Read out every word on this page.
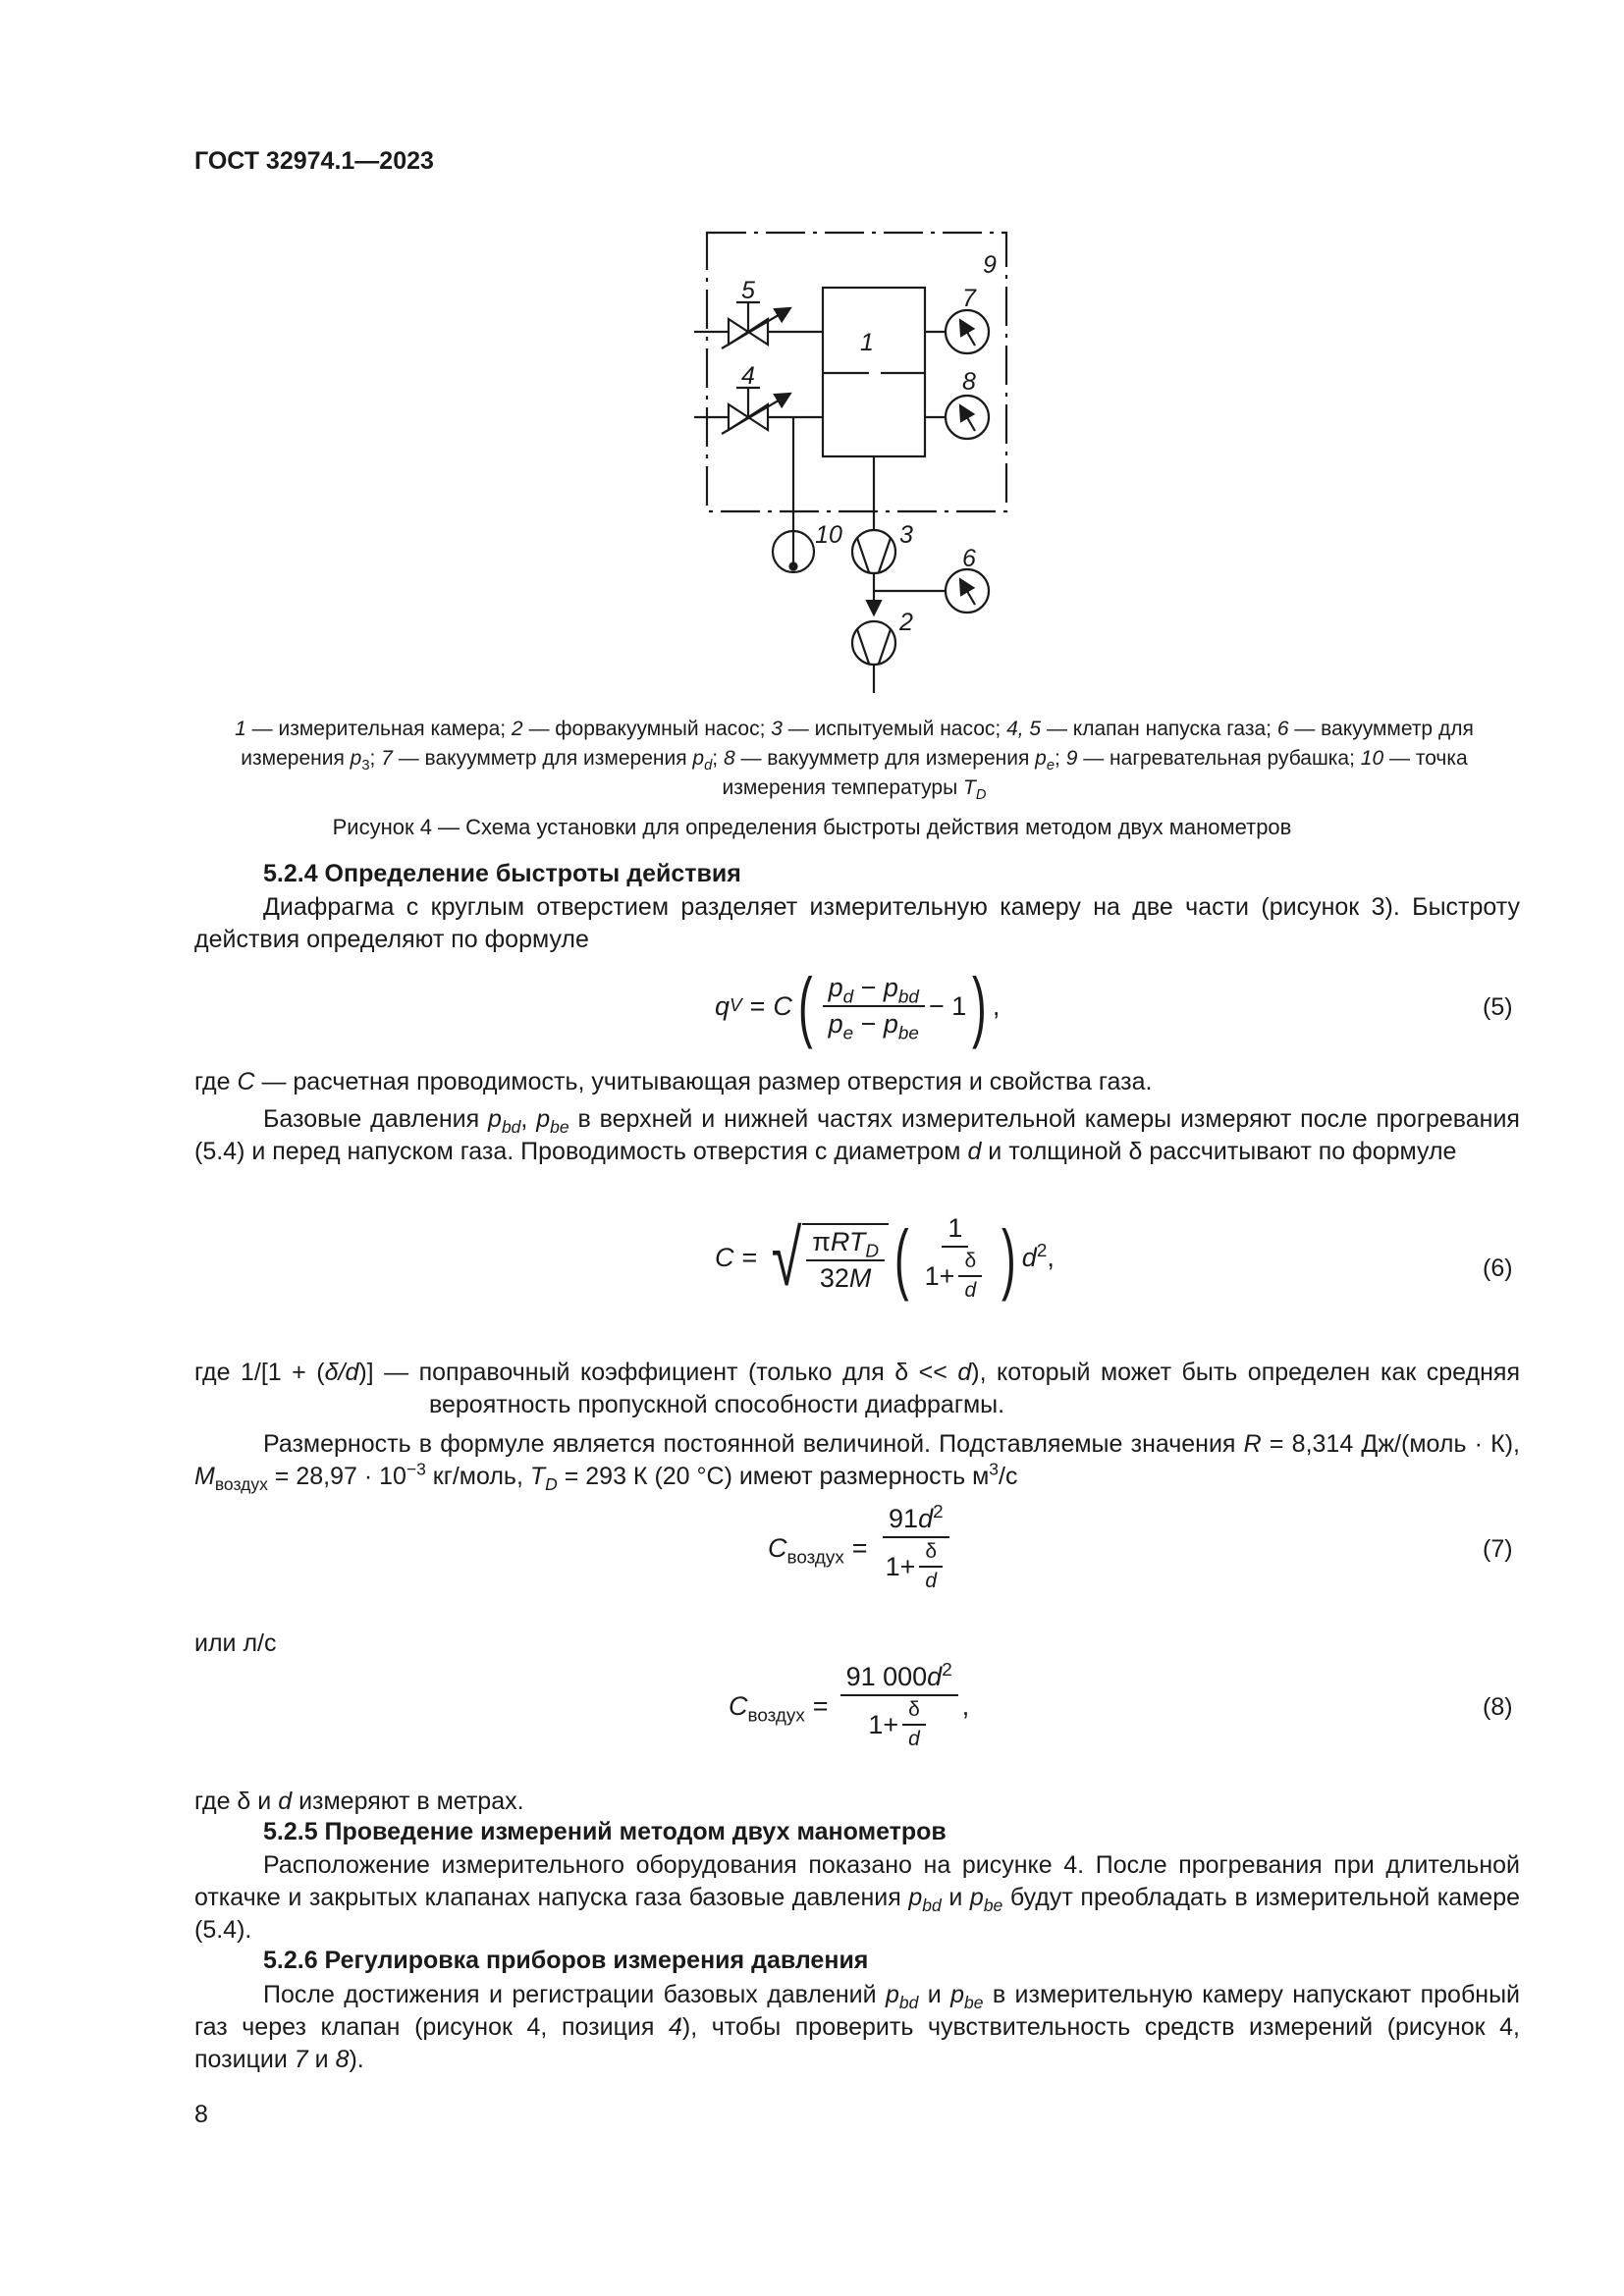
ГОСТ 32974.1—2023
9
1
5
4
7
8
10 3
6
2
1 — измерительная камера; 2 — форвакуумный насос; 3 — испытуемый насос; 4, 5 — клапан напуска газа; 6 — вакуумметр для измерения $p_3$; 7 — вакуумметр для измерения $p_d$; 8 — вакуумметр для измерения $p_e$; 9 — нагревательная рубашка; 10 — точка измерения температуры $T_D$
Рисунок 4 — Схема установки для определения быстроты действия методом двух манометров
5.2.4 Определение быстроты действия
Диафрагма с круглым отверстием разделяет измерительную камеру на две части (рисунок 3). Быстроту действия определяют по формуле
q V = C ( $\frac{p_d - p_{bd}}{p_e - p_{be}} - 1$ ) ,	(5)
где C — расчетная проводимость, учитывающая размер отверстия и свойства газа.
Базовые давления $p_{bd}$, $p_{be}$ в верхней и нижней частях измерительной камеры измеряют после прогревания (5.4) и перед напуском газа. Проводимость отверстия с диаметром d и толщиной δ рассчитывают по формуле
C = √ $\frac{\pi RT_D}{32M}$ ( $\frac{1}{1+ \frac{\delta}{d}}$ ) $d^2$,	(6)
где 1/[1 + (δ/d)] — поправочный коэффициент (только для δ << d), который может быть определен как средняя вероятность пропускной способности диафрагмы.
Размерность в формуле является постоянной величиной. Подставляемые значения R = 8,314 Дж/(моль · К), $M_{воздух} = 28,97 \cdot 10^{-3}$ кг/моль, $T_D = 293$ К (20 °С) имеют размерность $м^3/с$
$C_{воздух} = \frac{91d^2}{1+ \frac{\delta}{d}}$	(7)
или л/с
$C_{воздух} = \frac{91 000d^2}{1+ \frac{\delta}{d}}$ ,	(8)
где δ и d измеряют в метрах.
5.2.5 Проведение измерений методом двух манометров
Расположение измерительного оборудования показано на рисунке 4. После прогревания при длительной откачке и закрытых клапанах напуска газа базовые давления $p_{bd}$ и $p_{be}$ будут преобладать в измерительной камере (5.4).
5.2.6 Регулировка приборов измерения давления
После достижения и регистрации базовых давлений $p_{bd}$ и $p_{be}$ в измерительную камеру напускают пробный газ через клапан (рисунок 4, позиция 4), чтобы проверить чувствительность средств измерений (рисунок 4, позиции 7 и 8).
8
